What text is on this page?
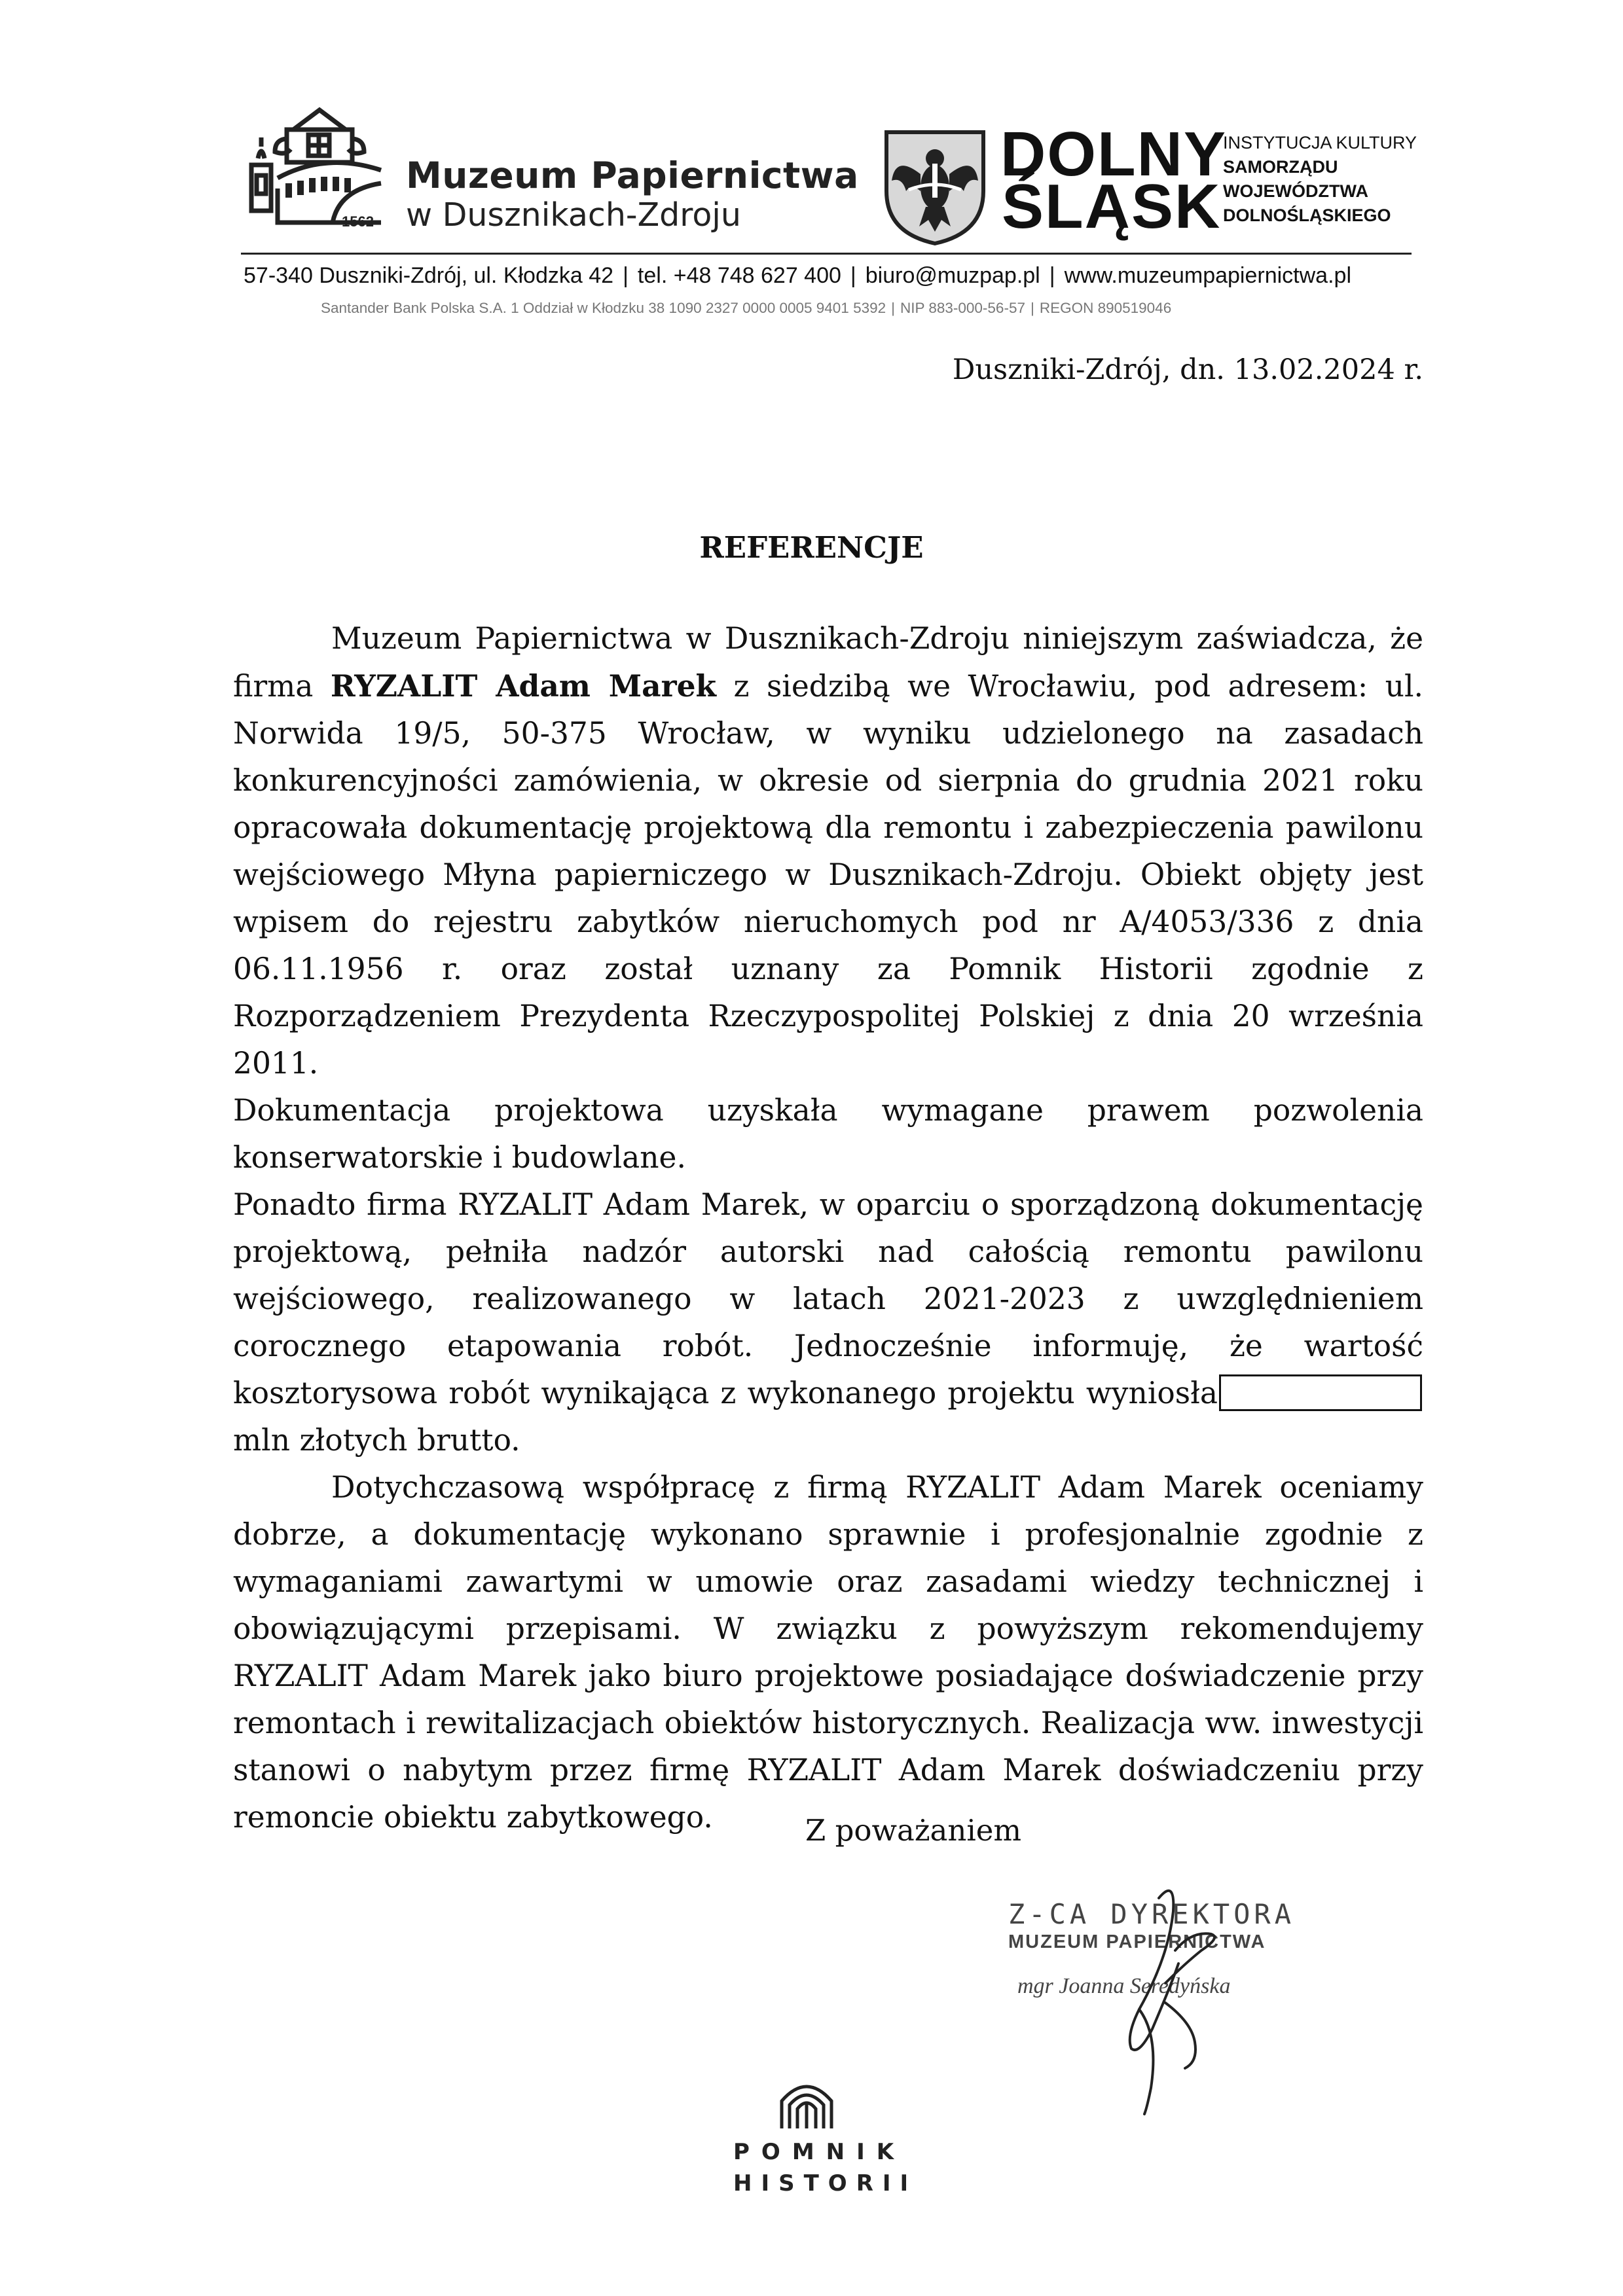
1562
Muzeum Papiernictwa
w Dusznikach-Zdroju
DOLNY
ŚLĄSK
INSTYTUCJA KULTURY
SAMORZĄDU
WOJEWÓDZTWA
DOLNOŚLĄSKIEGO
57-340 Duszniki-Zdrój, ul. Kłodzka 42 | tel. +48 748 627 400 | biuro@muzpap.pl | www.muzeumpapiernictwa.pl
Santander Bank Polska S.A. 1 Oddział w Kłodzku 38 1090 2327 0000 0005 9401 5392 | NIP 883-000-56-57 | REGON 890519046
Duszniki-Zdrój, dn. 13.02.2024 r.
REFERENCJE

Muzeum Papiernictwa w Dusznikach-Zdroju niniejszym zaświadcza, że firma RYZALIT Adam Marek z siedzibą we Wrocławiu, pod adresem: ul. Norwida 19/5, 50-375 Wrocław, w wyniku udzielonego na zasadach konkurencyjności zamówienia, w okresie od sierpnia do grudnia 2021 roku opracowała dokumentację projektową dla remontu i zabezpieczenia pawilonu wejściowego Młyna papierniczego w Dusznikach-Zdroju. Obiekt objęty jest wpisem do rejestru zabytków nieruchomych pod nr A/4053/336 z dnia 06.11.1956 r. oraz został uznany za Pomnik Historii zgodnie z Rozporządzeniem Prezydenta Rzeczypospolitej Polskiej z dnia 20 września 2011.

Dokumentacja projektowa uzyskała wymagane prawem pozwolenia konserwatorskie i budowlane.

Ponadto firma RYZALIT Adam Marek, w oparciu o sporządzoną dokumentację projektową, pełniła nadzór autorski nad całością remontu pawilonu wejściowego, realizowanego w latach 2021-2023 z uwzględnieniem corocznego etapowania robót. Jednocześnie informuję, że wartość kosztorysowa robót wynikająca z wykonanego projektu wyniosłamln złotych brutto.

Dotychczasową współpracę z firmą RYZALIT Adam Marek oceniamy dobrze, a dokumentację wykonano sprawnie i profesjonalnie zgodnie z wymaganiami zawartymi w umowie oraz zasadami wiedzy technicznej i obowiązującymi przepisami. W związku z powyższym rekomendujemy RYZALIT Adam Marek jako biuro projektowe posiadające doświadczenie przy remontach i rewitalizacjach obiektów historycznych. Realizacja ww. inwestycji stanowi o nabytym przez firmę RYZALIT Adam Marek doświadczeniu przy remoncie obiektu zabytkowego.	Z poważaniem
Z-CA DYREKTORA
MUZEUM PAPIERNICTWA
mgr Joanna Seredyńska
POMNIK
HISTORII
